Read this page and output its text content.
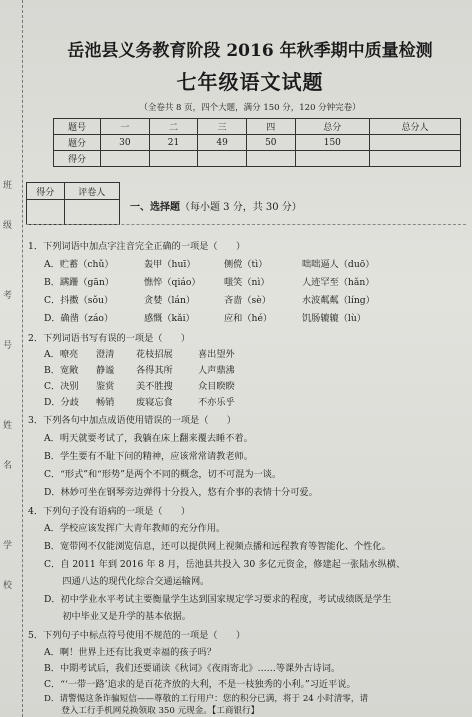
班
级
考
号
姓
名
学
校
岳池县义务教育阶段 2016 年秋季期中质量检测
七年级语文试题
（全卷共 8 页，四个大题，满分 150 分，120 分钟完卷）
题号	一	二	三	四	总分	总分人
题分	30	21	49	50	150	
得分						
得分	评卷人

一、选择题（每小题 3 分，共 30 分）
1．下列词语中加点字注音完全正确的一项是（　　）
A．贮蓄（chǔ）	轰甲（huī）	侧傥（tì）	咄咄逼人（duō）
B．蹒跚（gān）	憔悴（qiáo）	嗤笑（nì）	人迹罕至（hǎn）
C．抖擞（sǒu）	贪婪（lán）	吝啬（sè）	水波粼粼（líng）
D．确凿（záo）	感慨（kǎi）	应和（hé）	饥肠辘辘（lù）
2．下列词语书写有误的一项是（　　）
A．嘹亮 澄清 花枝招展	喜出望外
B．宽敞 静谧 各得其所	人声鼎沸
C．决别 鉴赏 美不胜搜	众目睽睽
D．分歧 畅销 废寝忘食	不亦乐乎
3．下列各句中加点成语使用错误的一项是（　　）
A．明天就要考试了，我躺在床上翻来覆去睡不着。
B．学生要有不耻下问的精神，应该常常请教老师。
C．“形式”和“形势”是两个不同的概念，切不可混为一谈。
D．林妙可坐在钢琴旁边弹得十分投入，悠有介事的表情十分可爱。
4．下列句子没有语病的一项是（　　）
A．学校应该发挥广大青年教师的充分作用。
B．宽带网不仅能浏览信息，还可以提供网上视频点播和远程教育等智能化、个性化。
C．自 2011 年到 2016 年 8 月，岳池县共投入 30 多亿元资金，修建起一张陆水纵横、
　　四通八达的现代化综合交通运输网。
D．初中学业水平考试主要衡量学生达到国家规定学习要求的程度，考试成绩既是学生
　　初中毕业又是升学的基本依据。
5．下列句子中标点符号使用不规范的一项是（　　）
A．啊！世界上还有比我更幸福的孩子吗？
B．中期考试后，我们还要诵读《秋词》《夜雨寄北》……等课外古诗词。
C．“‘一带一路’追求的是百花齐放的大利，不是一枝独秀的小利。”习近平说。
D．请警惕这条诈骗短信——尊敬的工行用户：您的积分已满，将于 24 小时清零，请
　　登入工行手机网兑换领取 350 元现金。【工商银行】
